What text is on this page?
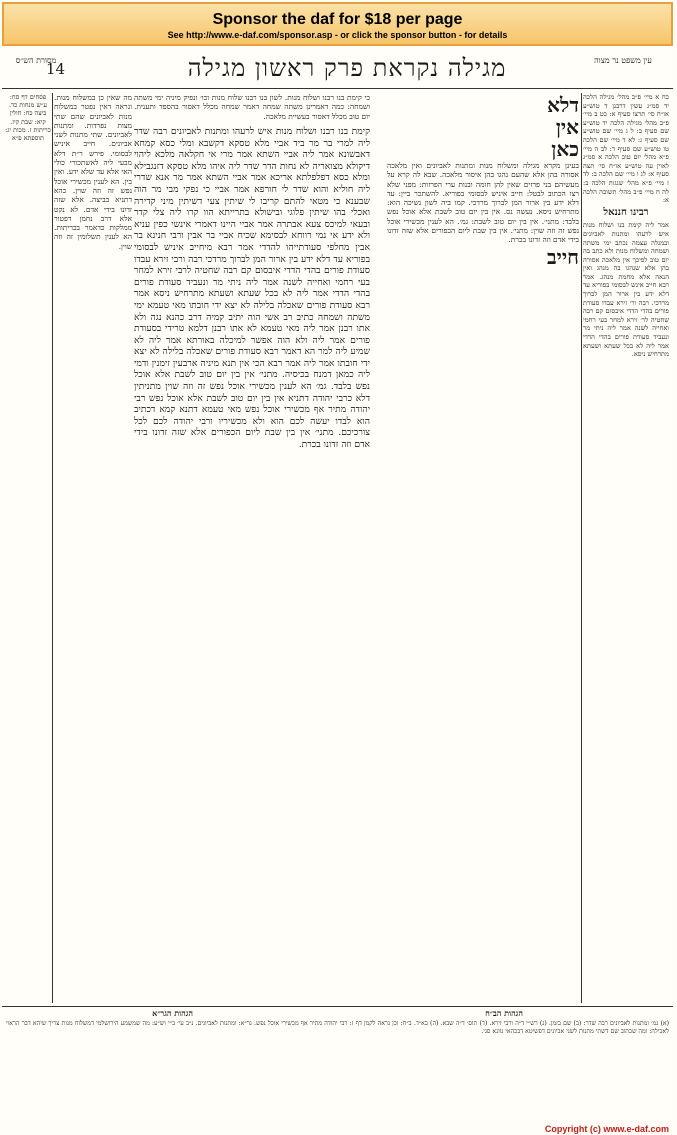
Sponsor the daf for $18 per page
See http://www.e-daf.com/sponsor.asp - or click the sponsor button - for details
עין משפט נר מצוה
14	מגילה נקראת פרק ראשון מגילה
מסורת הש״ס

כח א מיי׳ פ״ב מהל׳ מגילה הלכה יד סמ״ג עשין דרבנן ד טוש״ע או״ח סי׳ תרצו סעיף א: כט ב מיי׳ פ״ב מהל׳ מגילה הלכה יד טוש״ע שם סעיף ב: ל ג מיי׳ שם טוש״ע שם סעיף ג: לא ד מיי׳ שם הלכה טו טוש״ע שם סעיף ד: לב ה מיי׳ פ״א מהל׳ יום טוב הלכה א סמ״ג לאוין עה טוש״ע או״ח סי׳ תצה סעיף א: לג ו מיי׳ שם הלכה ב: לד ז מיי׳ פ״א מהל׳ שגגות הלכה ב: לה ח מיי׳ פ״ב מהל׳ תשובה הלכה א:

רבינו חננאל

אמר ליה קימת בנו ושלוח מנות איש לרעהו ומתנות לאביונים ובמגלה עצמה נכתב ימי משתה ושמחה ומשלוח מנות ולא כתב בה יום טוב לפיכך אין מלאכה אסורה בהן אלא שנהגו בה מנהג ואין הנאה אלא מחמת מנהג. אמר רבא חייב אינש לבסומי בפוריא עד דלא ידע בין ארור המן לברוך מרדכי. רבה ור׳ זירא עבדו סעודת פורים בהדי הדדי איבסום קם רבה שחטיה לר׳ זירא למחר בעי רחמי ואחייה לשנה אמר ליה ניתי מר ונעביד סעודת פורים בהדי הדדי אמר ליה לא בכל שעתא ושעתא מתרחיש ניסא.

דלא
אין
כאן

בעינן מקרא מגילה ומשלוח מנות ומתנות לאביונים ואין מלאכה אסורה בהן אלא שהעם נהגו בהן איסור מלאכה. שבא לה קרא על מעשיהם בני פרזים שאין להן חומה ובנות ערי הפרזות: מפני שלא רצו הכתוב לבטל: חייב איניש לבסומי בפוריא. להשתכר ביין: עד דלא ידע בין ארור המן לברוך מרדכי. קמו ביה לשון נשיכה הוא: מתרחיש ניסא. נעשה נס. אין בין יום טוב לשבת אלא אוכל נפש בלבד: מתני׳. אין בין יום טוב לשבת: גמ׳. הא לענין מכשירי אוכל נפש זה וזה שוין: מתני׳. אין בין שבת ליום הכפורים אלא שזה זדונו בידי אדם וזה זדונו בכרת.

חייב

כי קימת בנו רבנו ושלוח מנות. לשון בנו רבנו שלוח מנות וכו׳ ונפיק מיניה ימי משתה ושמחה: כמה דאמרינן משתה שמחה דאמר שמחה מכלל דאסור בהספד ותענית. יום טוב מכלל דאסור בעשיית מלאכה.

קימת בנו רבנו ושלוח מנות איש לרעהו ומתנות לאביונים רבה שדר ליה למרי בר מר ביד אביי מלא טסקא דקשבא ומלי כסא קמחא דאבשונא אמר ליה אביי השתא אמר מרי אי חקלאה מלכא ליהוי דיקולא מצואריה לא נחות הדר שדר ליה איהו מלא טסקא דזנגבילא ומלא כסא דפלפלתא אריכא אמר אביי השתא אמר מר אנא שדרי ליה חוליא והוא שדר לי חורפא אמר אביי כי נפקי מבי מר הוה שבענא כי מטאי להתם קריבו לי שיתין צעי דשיתין מיני קדירה ואכלי בהו שיתין פלוגי ובישולא בתרייתא הוו קרו ליה צלי קדר ובעאי למיכס צעא אבתרה אמר אביי היינו דאמרי אינשי כפין עניא ולא ידע אי נמי רווחא לבסימא שכיח אביי בר אבין ורבי חנינא בר אבין מחלפי סעודתייהו להדדי אמר רבא מיחייב איניש לבסומי בפוריא עד דלא ידע בין ארור המן לברוך מרדכי רבה ורבי זירא עבדו סעודת פורים בהדי הדדי איבסום קם רבה שחטיה לרבי זירא למחר בעי רחמי ואחייה לשנה אמר ליה ניתי מר ונעביד סעודת פורים בהדי הדדי אמר ליה לא בכל שעתא ושעתא מתרחיש ניסא אמר רבא סעודת פורים שאכלה בלילה לא יצא ידי חובתו מאי טעמא ימי משתה ושמחה כתיב רב אשי הוה יתיב קמיה דרב כהנא נגה ולא אתו רבנן אמר ליה מאי טעמא לא אתו רבנן דלמא טרידי בסעודת פורים אמר ליה ולא הוה אפשר למיכלה באורתא אמר ליה לא שמיע ליה למר הא דאמר רבא סעודת פורים שאכלה בלילה לא יצא ידי חובתו אמר ליה אמר רבא הכי אין תנא מיניה ארבעין זימנין ודמי ליה כמאן דמנח בכיסיה. מתני׳ אין בין יום טוב לשבת אלא אוכל נפש בלבד. גמ׳ הא לענין מכשירי אוכל נפש זה וזה שוין מתניתין דלא כרבי יהודה דתניא אין בין יום טוב לשבת אלא אוכל נפש רבי יהודה מתיר אף מכשירי אוכל נפש מאי טעמא דתנא קמא דכתיב הוא לבדו יעשה לכם הוא ולא מכשיריו ורבי יהודה לכם לכל צורכיכם. מתני׳ אין בין שבת ליום הכפורים אלא שזה זדונו בידי אדם וזה זדונו בכרת.

מה שאין כן במשלוח מנות. ונראה דאין נפטר במשלוח מנות לאביונים שהם שתי מצות נפרדות. ומתנות לאביונים. שתי מתנות לשני אביונים. חייב איניש לבסומי. פירש ר״ת דלא מבעי ליה לאשתכורי כולי האי אלא עד שלא ידע. ואין בין. הא לענין מכשירי אוכל נפש זה וזה שוין. כהא דתניא בביצה. אלא שזה זדונו בידי אדם. לא נקט אלא דרב נחמן דפטור ממלקות כדאמר בכריתות. הא לענין תשלומין זה וזה שוין.

פסחים דף סח: ע״ש מנחות כד. ביצה כח: חולין קיא: שבת קיז. כריתות ז. מכות יג: תוספתא פ״א

הגהות הב״ח
הגהות הגר״א

(א) גמ׳ ומתנות לאביונים רבה שדר: (ב) שם בזמן. (ג) רש״י ד״ה ורבי זירא. (ד) תוס׳ ד״ה שבא. (ה) בא״ד. ב״ח: וכן נראה לקמן דף ז: רבי יהודה מתיר אף מכשירי אוכל נפש. גר״א: ומתנות לאביונים. נ״ב עי׳ ב״י וש״ע: מה שמשמע הירושלמי דמשלוח מנות צריך שיהא דבר הראוי לאכילה: ומה שכתוב שם דשתי מתנות לשני אביונים דפשיטא דבכהאי גוונא סגי.

Copyright (c) www.e-daf.com
